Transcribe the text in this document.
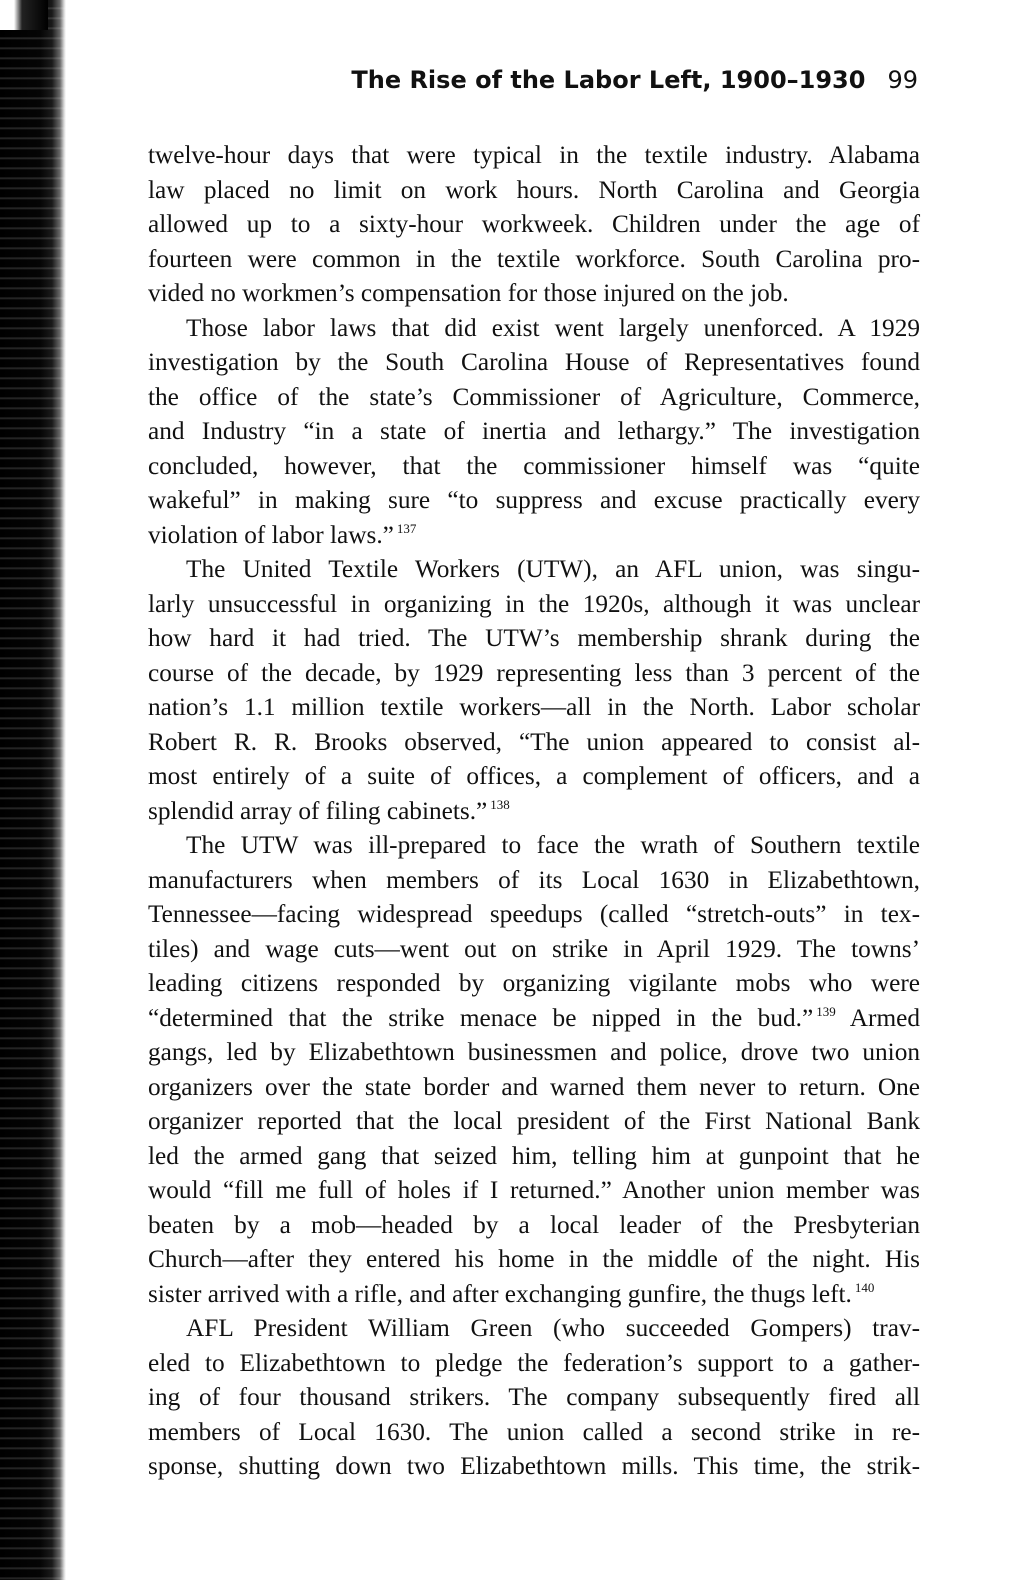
The Rise of the Labor Left, 1900–1930 99
twelve-hour days that were typical in the textile industry. Alabama
law placed no limit on work hours. North Carolina and Georgia
allowed up to a sixty-hour workweek. Children under the age of
fourteen were common in the textile workforce. South Carolina pro-
vided no workmen’s compensation for those injured on the job.
Those labor laws that did exist went largely unenforced. A 1929
investigation by the South Carolina House of Representatives found
the office of the state’s Commissioner of Agriculture, Commerce,
and Industry “in a state of inertia and lethargy.” The investigation
concluded, however, that the commissioner himself was “quite
wakeful” in making sure “to suppress and excuse practically every
violation of labor laws.” $^{137}$
The United Textile Workers (UTW), an AFL union, was singu-
larly unsuccessful in organizing in the 1920s, although it was unclear
how hard it had tried. The UTW’s membership shrank during the
course of the decade, by 1929 representing less than 3 percent of the
nation’s 1.1 million textile workers—all in the North. Labor scholar
Robert R. R. Brooks observed, “The union appeared to consist al-
most entirely of a suite of offices, a complement of officers, and a
splendid array of filing cabinets.” $^{138}$
The UTW was ill-prepared to face the wrath of Southern textile
manufacturers when members of its Local 1630 in Elizabethtown,
Tennessee—facing widespread speedups (called “stretch-outs” in tex-
tiles) and wage cuts—went out on strike in April 1929. The towns’
leading citizens responded by organizing vigilante mobs who were
“determined that the strike menace be nipped in the bud.” $^{139}$ Armed
gangs, led by Elizabethtown businessmen and police, drove two union
organizers over the state border and warned them never to return. One
organizer reported that the local president of the First National Bank
led the armed gang that seized him, telling him at gunpoint that he
would “fill me full of holes if I returned.” Another union member was
beaten by a mob—headed by a local leader of the Presbyterian
Church—after they entered his home in the middle of the night. His
sister arrived with a rifle, and after exchanging gunfire, the thugs left. $^{140}$
AFL President William Green (who succeeded Gompers) trav-
eled to Elizabethtown to pledge the federation’s support to a gather-
ing of four thousand strikers. The company subsequently fired all
members of Local 1630. The union called a second strike in re-
sponse, shutting down two Elizabethtown mills. This time, the strik-
